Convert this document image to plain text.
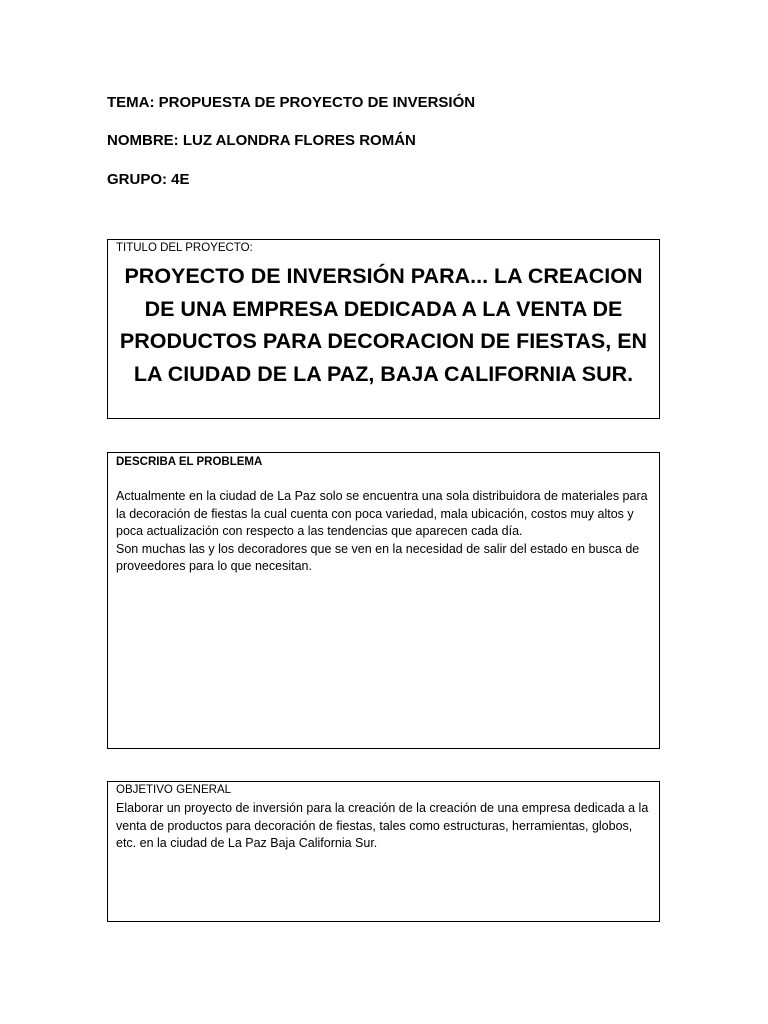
TEMA: PROPUESTA DE PROYECTO DE INVERSIÓN
NOMBRE: LUZ ALONDRA FLORES ROMÁN
GRUPO: 4E
TITULO DEL PROYECTO:
PROYECTO DE INVERSIÓN PARA... LA CREACION DE UNA EMPRESA DEDICADA A LA VENTA DE PRODUCTOS PARA DECORACION DE FIESTAS, EN LA CIUDAD DE LA PAZ, BAJA CALIFORNIA SUR.
DESCRIBA EL PROBLEMA

Actualmente en la ciudad de La Paz solo se encuentra una sola distribuidora de materiales para la decoración de fiestas la cual cuenta con poca variedad, mala ubicación, costos muy altos y poca actualización con respecto a las tendencias que aparecen cada día.

Son muchas las y los decoradores que se ven en la necesidad de salir del estado en busca de proveedores para lo que necesitan.

OBJETIVO GENERAL
Elaborar un proyecto de inversión para la creación de la creación de una empresa dedicada a la venta de productos para decoración de fiestas, tales como estructuras, herramientas, globos, etc. en la ciudad de La Paz Baja California Sur.
